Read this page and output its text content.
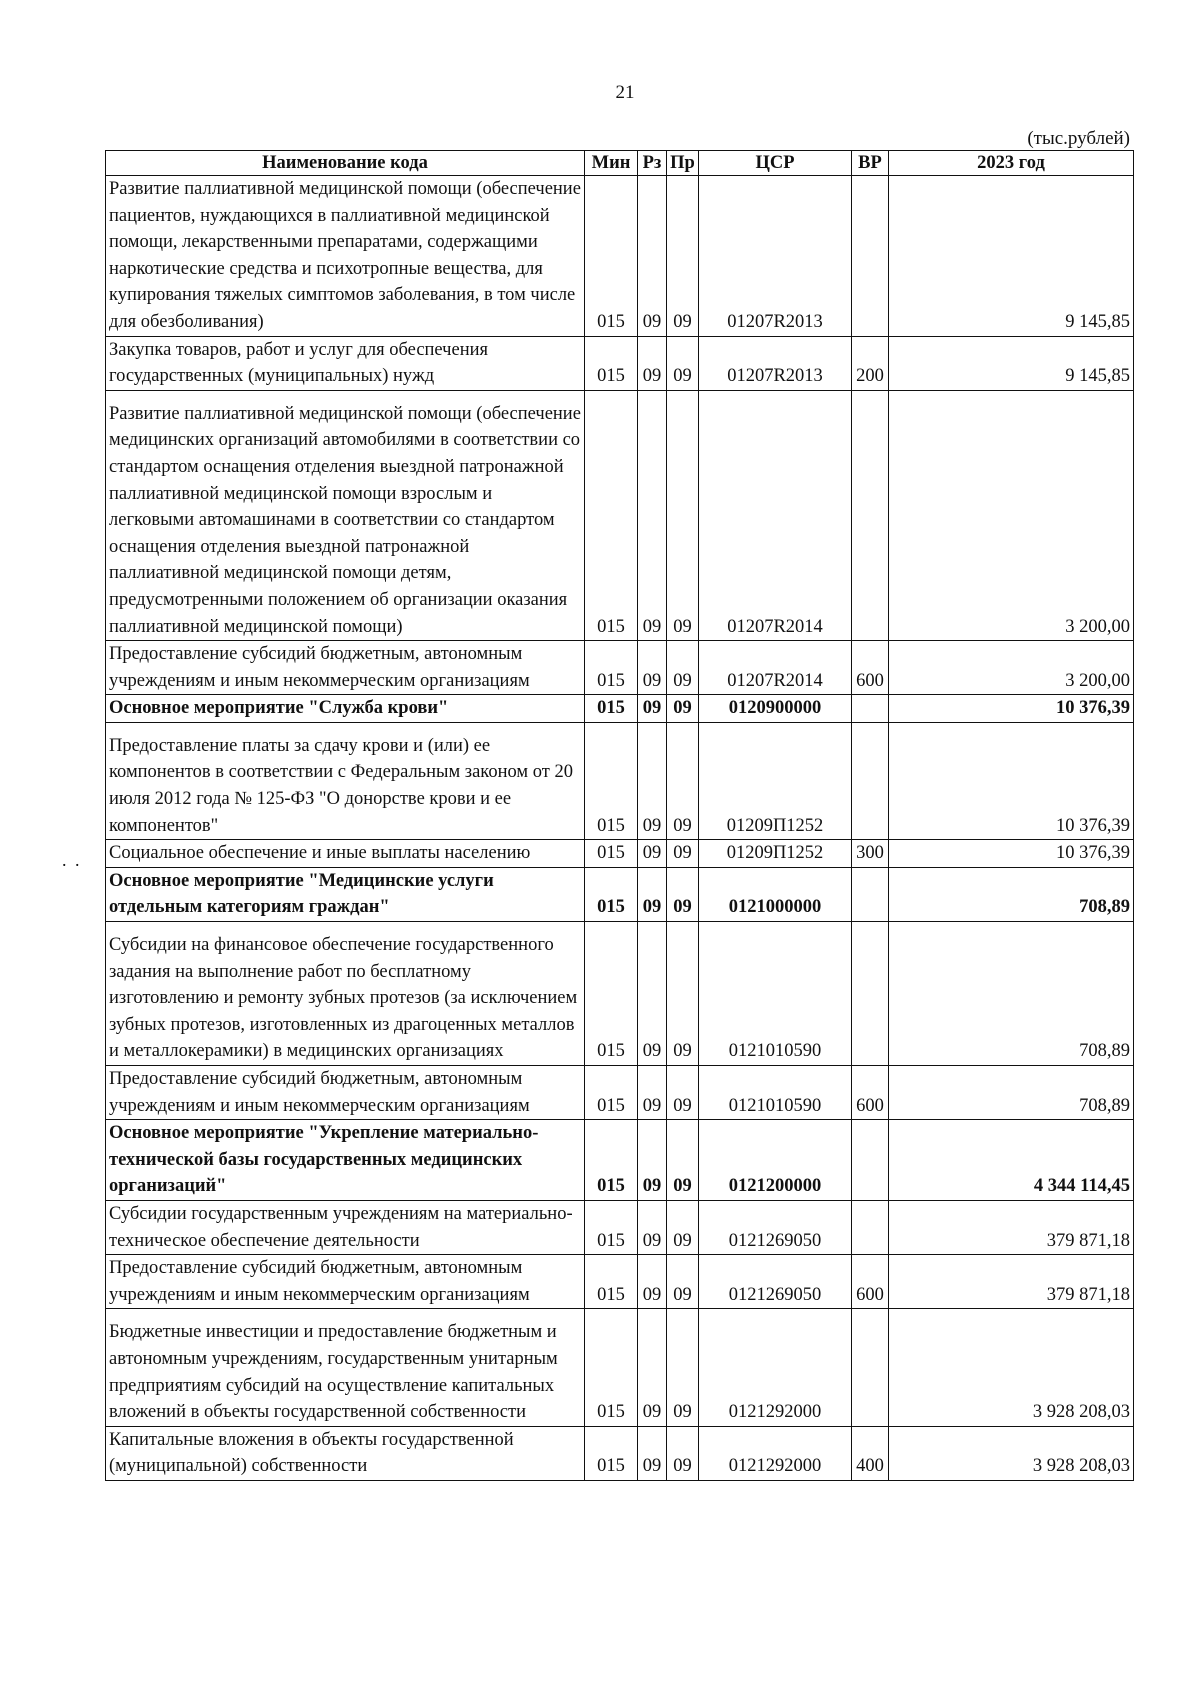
21
(тыс.рублей)
. .
Наименование кода	Мин	Рз	Пр	ЦСР	ВР	2023 год
Развитие паллиативной медицинской помощи (обеспечение пациентов, нуждающихся в паллиативной медицинской помощи, лекарственными препаратами, содержащими наркотические средства и психотропные вещества, для купирования тяжелых симптомов заболевания, в том числе для обезболивания)	015	09	09	01207R2013		9 145,85
Закупка товаров, работ и услуг для обеспечения государственных (муниципальных) нужд	015	09	09	01207R2013	200	9 145,85
Развитие паллиативной медицинской помощи (обеспечение медицинских организаций автомобилями в соответствии со стандартом оснащения отделения выездной патронажной паллиативной медицинской помощи взрослым и легковыми автомашинами в соответствии со стандартом оснащения отделения выездной патронажной паллиативной медицинской помощи детям, предусмотренными положением об организации оказания паллиативной медицинской помощи)	015	09	09	01207R2014		3 200,00
Предоставление субсидий бюджетным, автономным учреждениям и иным некоммерческим организациям	015	09	09	01207R2014	600	3 200,00
Основное мероприятие "Служба крови"	015	09	09	0120900000		10 376,39
Предоставление платы за сдачу крови и (или) ее компонентов в соответствии с Федеральным законом от 20 июля 2012 года № 125-ФЗ "О донорстве крови и ее компонентов"	015	09	09	01209П1252		10 376,39
Социальное обеспечение и иные выплаты населению	015	09	09	01209П1252	300	10 376,39
Основное мероприятие "Медицинские услуги отдельным категориям граждан"	015	09	09	0121000000		708,89
Субсидии на финансовое обеспечение государственного задания на выполнение работ по бесплатному изготовлению и ремонту зубных протезов (за исключением зубных протезов, изготовленных из драгоценных металлов и металлокерамики) в медицинских организациях	015	09	09	0121010590		708,89
Предоставление субсидий бюджетным, автономным учреждениям и иным некоммерческим организациям	015	09	09	0121010590	600	708,89
Основное мероприятие "Укрепление материально-технической базы государственных медицинских организаций"	015	09	09	0121200000		4 344 114,45
Субсидии государственным учреждениям на материально-техническое обеспечение деятельности	015	09	09	0121269050		379 871,18
Предоставление субсидий бюджетным, автономным учреждениям и иным некоммерческим организациям	015	09	09	0121269050	600	379 871,18
Бюджетные инвестиции и предоставление бюджетным и автономным учреждениям, государственным унитарным предприятиям субсидий на осуществление капитальных вложений в объекты государственной собственности	015	09	09	0121292000		3 928 208,03
Капитальные вложения в объекты государственной (муниципальной) собственности	015	09	09	0121292000	400	3 928 208,03
